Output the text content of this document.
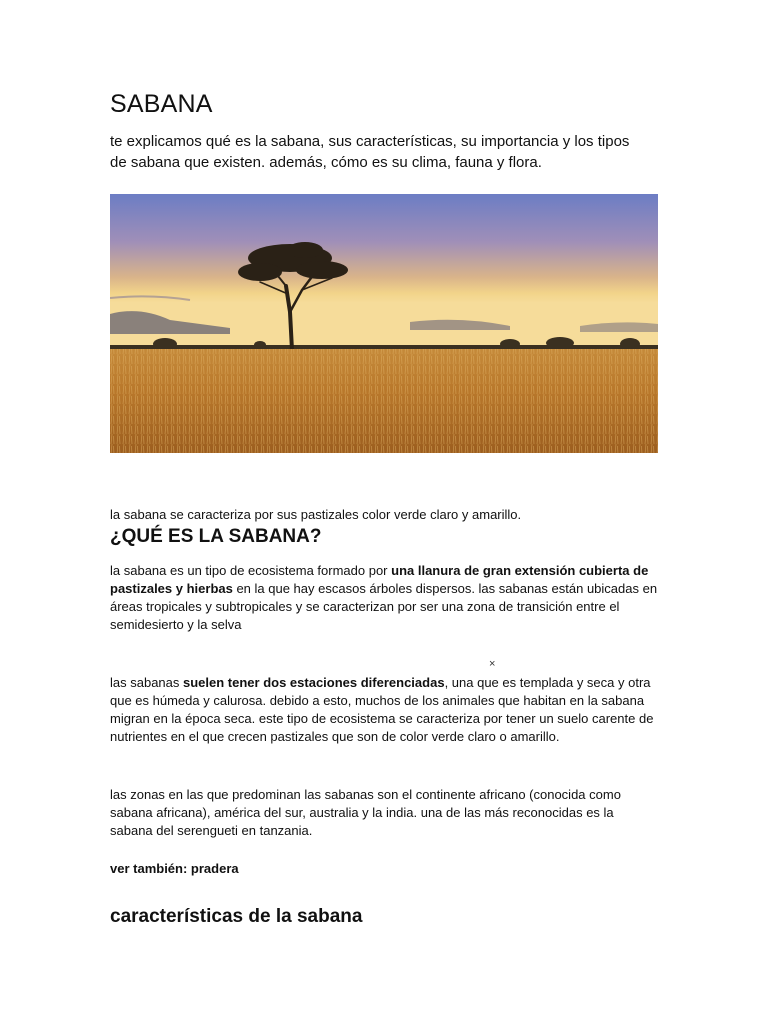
SABANA

te explicamos qué es la sabana, sus características, su importancia y los tipos de sabana que existen. además, cómo es su clima, fauna y flora.

la sabana se caracteriza por sus pastizales color verde claro y amarillo.

¿QUÉ ES LA SABANA?

la sabana es un tipo de ecosistema formado por una llanura de gran extensión cubierta de pastizales y hierbas en la que hay escasos árboles dispersos. las sabanas están ubicadas en áreas tropicales y subtropicales y se caracterizan por ser una zona de transición entre el semidesierto y la selva

×

las sabanas suelen tener dos estaciones diferenciadas, una que es templada y seca y otra que es húmeda y calurosa. debido a esto, muchos de los animales que habitan en la sabana migran en la época seca. este tipo de ecosistema se caracteriza por tener un suelo carente de nutrientes en el que crecen pastizales que son de color verde claro o amarillo.

las zonas en las que predominan las sabanas son el continente africano (conocida como sabana africana), américa del sur, australia y la india. una de las más reconocidas es la sabana del serengueti en tanzania.

ver también: pradera

características de la sabana
